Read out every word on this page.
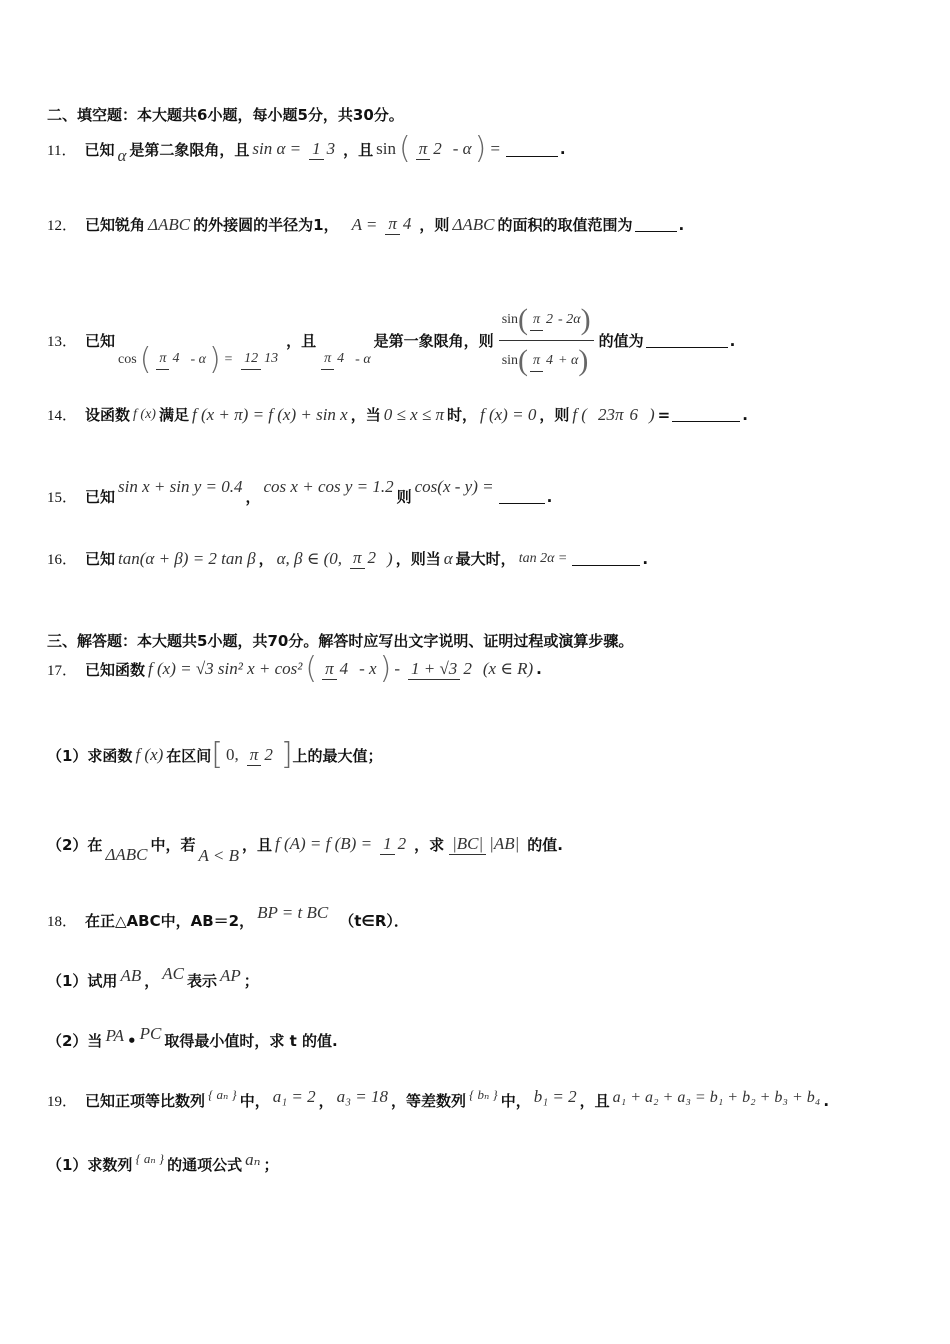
二、填空题：本大题共6小题，每小题5分，共30分。
11． 已知 α 是第二象限角，且 sin α = 1 3 ，且 sin ( π 2 - α ) =	.
12． 已知锐角 ΔABC 的外接圆的半径为1， A = π 4 ，则 ΔABC 的面积的取值范围为	.
13． 已知
cos ( π 4 - α ) = 12 13
，且
π 4 - α
是第一象限角，则 $\frac{\sin ( \pi 2 - 2\alpha )}{\sin ( \pi 4 + \alpha )}$ 的值为	.
14． 设函数 f (x) 满足 f (x + π) = f (x) + sin x ，当 0 ≤ x ≤ π 时， f (x) = 0 ，则 f ( 23π 6 ) =	.
15． 已知
sin x + sin y = 0.4
，
cos x + cos y = 1.2
则
cos(x - y) =
.
16． 已知 tan(α + β) = 2 tan β ， α, β ∈ (0, π 2 ) ，则当 α 最大时， tan 2α =	.
三、解答题：本大题共5小题，共70分。解答时应写出文字说明、证明过程或演算步骤。
17． 已知函数 f (x) = √3 sin² x + cos² ( π 4 - x ) - 1 + √3 2 (x ∈ R) .
（1）求函数 f (x) 在区间 [ 0, π 2 ] 上的最大值；
（2）在
ΔABC
中，若
A < B
，且 f (A) = f (B) = 1 2 ，求 |BC| |AB| 的值.
18． 在正△ABC中，AB＝2， BP = t BC （t∈R）．
（1）试用 AB ， AC 表示 AP ；
（2）当 PA • PC 取得最小值时，求 t 的值.
19． 已知正项等比数列 { aₙ } 中， a₁ = 2 ， a₃ = 18 ，等差数列 { bₙ } 中， b₁ = 2 ，且 a₁ + a₂ + a₃ = b₁ + b₂ + b₃ + b₄ .
（1）求数列 { aₙ } 的通项公式 aₙ ；
